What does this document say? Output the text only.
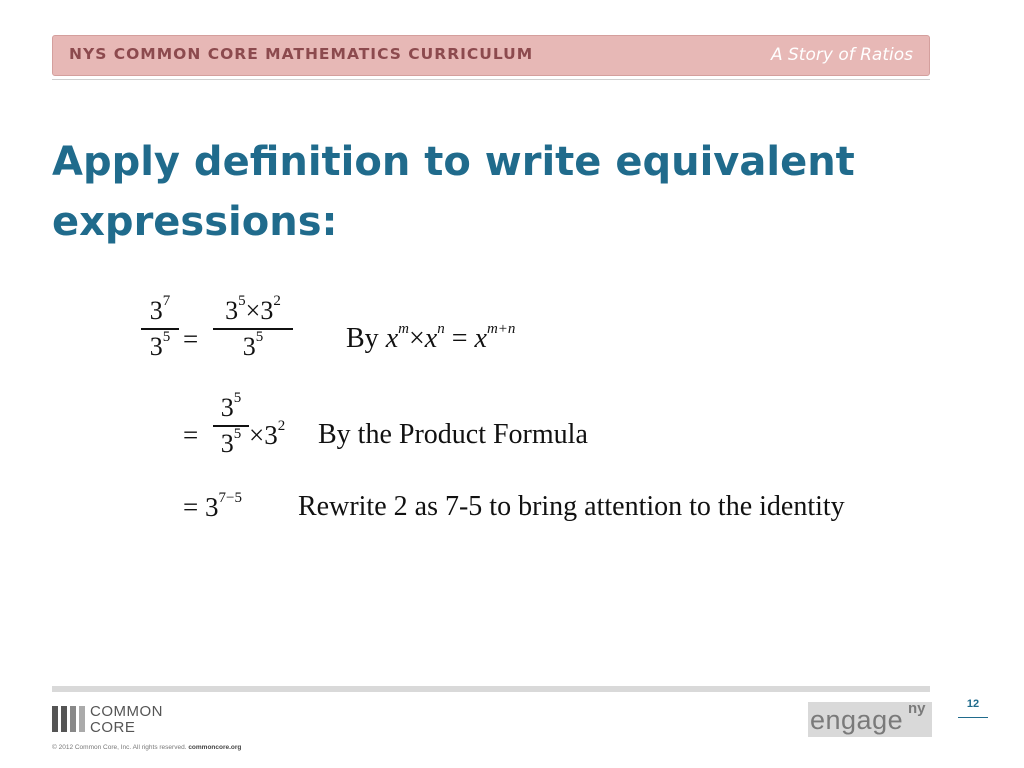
NYS COMMON CORE MATHEMATICS CURRICULUM	A Story of Ratios
Apply definition to write equivalent
expressions:
$3^7$
$3^5$ =
$3^5\times 3^2$
$3^5$	By $x^m\times x^n = x^{m+n}$
=
$3^5$
$3^5 \times 3^2$ By the Product Formula
= $3^{7-5}$ Rewrite 2 as 7-5 to bring attention to the identity
COMMON
CORE
© 2012 Common Core, Inc. All rights reserved. commoncore.org
engage ny	12
